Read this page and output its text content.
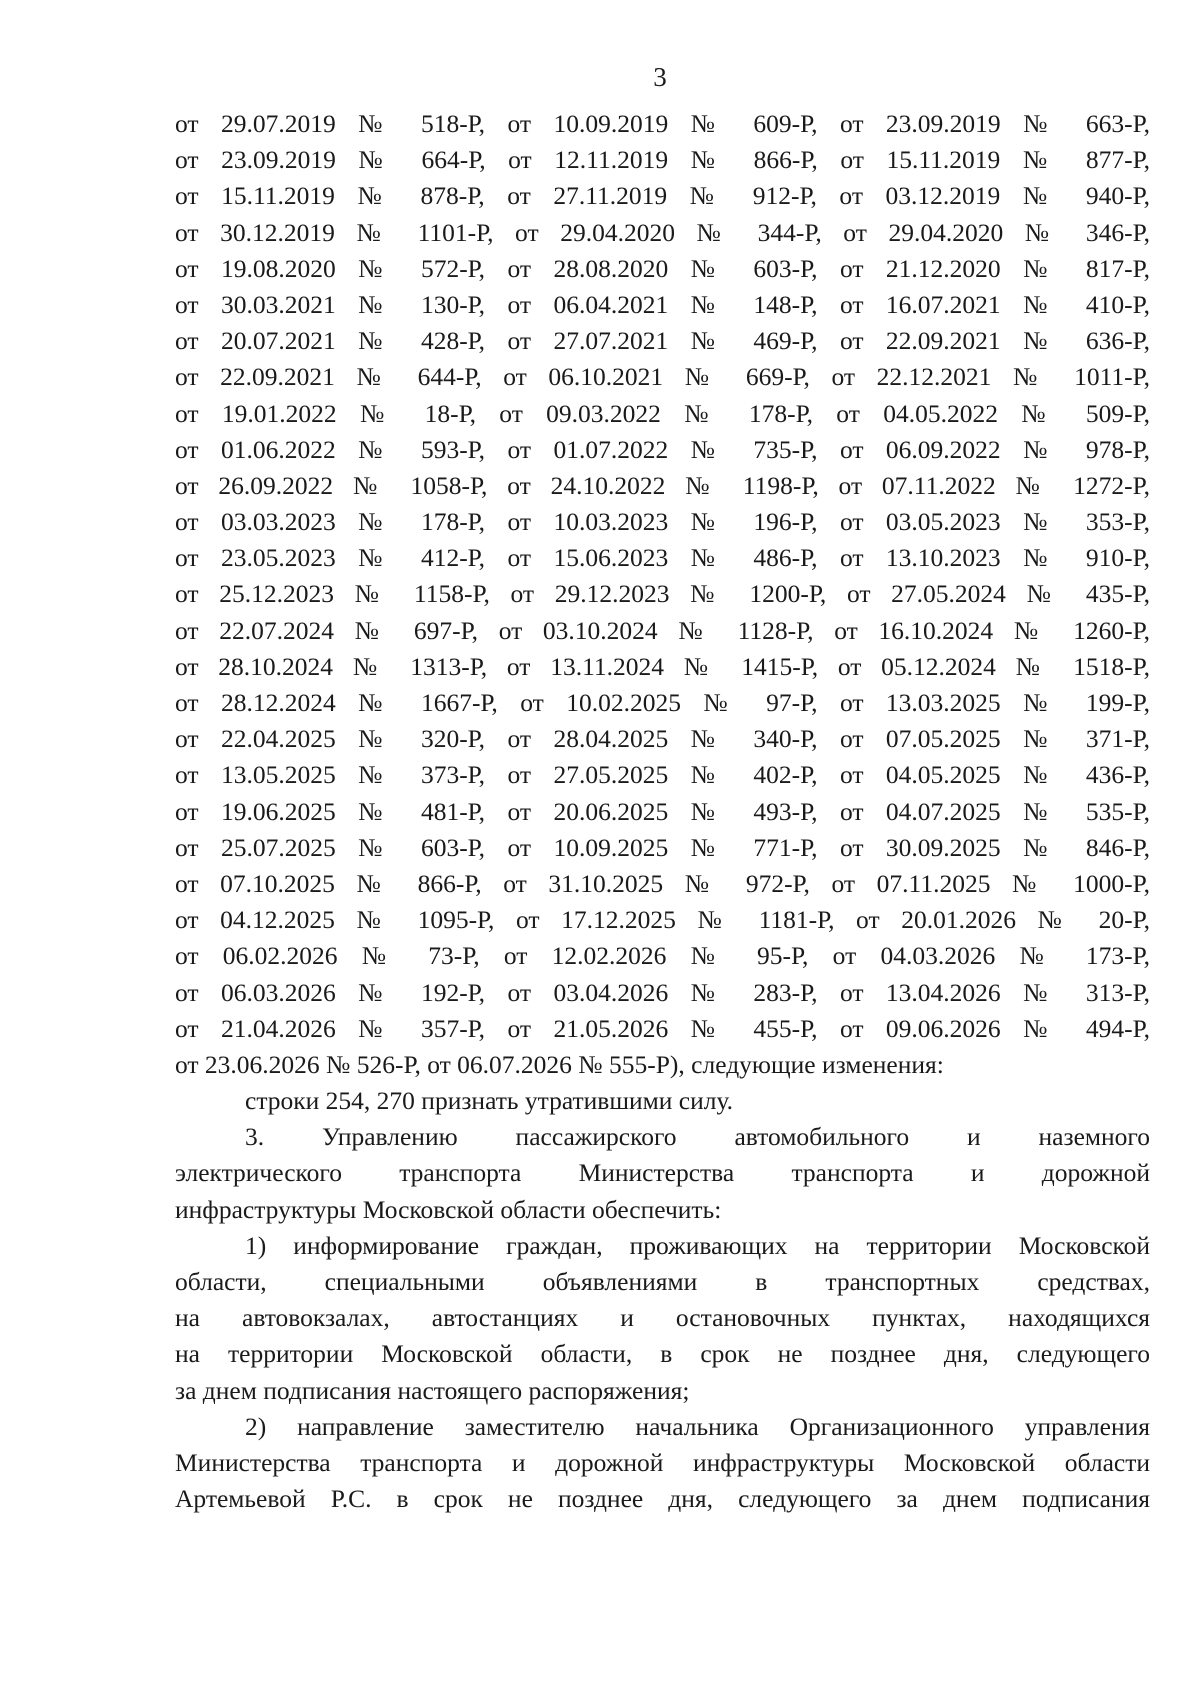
3
от 29.07.2019 № 518-Р, от 10.09.2019 № 609-Р, от 23.09.2019 № 663-Р,
от 23.09.2019 № 664-Р, от 12.11.2019 № 866-Р, от 15.11.2019 № 877-Р,
от 15.11.2019 № 878-Р, от 27.11.2019 № 912-Р, от 03.12.2019 № 940-Р,
от 30.12.2019 № 1101-Р, от 29.04.2020 № 344-Р, от 29.04.2020 № 346-Р,
от 19.08.2020 № 572-Р, от 28.08.2020 № 603-Р, от 21.12.2020 № 817-Р,
от 30.03.2021 № 130-Р, от 06.04.2021 № 148-Р, от 16.07.2021 № 410-Р,
от 20.07.2021 № 428-Р, от 27.07.2021 № 469-Р, от 22.09.2021 № 636-Р,
от 22.09.2021 № 644-Р, от 06.10.2021 № 669-Р, от 22.12.2021 № 1011-Р,
от 19.01.2022 № 18-Р, от 09.03.2022 № 178-Р, от 04.05.2022 № 509-Р,
от 01.06.2022 № 593-Р, от 01.07.2022 № 735-Р, от 06.09.2022 № 978-Р,
от 26.09.2022 № 1058-Р, от 24.10.2022 № 1198-Р, от 07.11.2022 № 1272-Р,
от 03.03.2023 № 178-Р, от 10.03.2023 № 196-Р, от 03.05.2023 № 353-Р,
от 23.05.2023 № 412-Р, от 15.06.2023 № 486-Р, от 13.10.2023 № 910-Р,
от 25.12.2023 № 1158-Р, от 29.12.2023 № 1200-Р, от 27.05.2024 № 435-Р,
от 22.07.2024 № 697-Р, от 03.10.2024 № 1128-Р, от 16.10.2024 № 1260-Р,
от 28.10.2024 № 1313-Р, от 13.11.2024 № 1415-Р, от 05.12.2024 № 1518-Р,
от 28.12.2024 № 1667-Р, от 10.02.2025 № 97-Р, от 13.03.2025 № 199-Р,
от 22.04.2025 № 320-Р, от 28.04.2025 № 340-Р, от 07.05.2025 № 371-Р,
от 13.05.2025 № 373-Р, от 27.05.2025 № 402-Р, от 04.05.2025 № 436-Р,
от 19.06.2025 № 481-Р, от 20.06.2025 № 493-Р, от 04.07.2025 № 535-Р,
от 25.07.2025 № 603-Р, от 10.09.2025 № 771-Р, от 30.09.2025 № 846-Р,
от 07.10.2025 № 866-Р, от 31.10.2025 № 972-Р, от 07.11.2025 № 1000-Р,
от 04.12.2025 № 1095-Р, от 17.12.2025 № 1181-Р, от 20.01.2026 № 20-Р,
от 06.02.2026 № 73-Р, от 12.02.2026 № 95-Р, от 04.03.2026 № 173-Р,
от 06.03.2026 № 192-Р, от 03.04.2026 № 283-Р, от 13.04.2026 № 313-Р,
от 21.04.2026 № 357-Р, от 21.05.2026 № 455-Р, от 09.06.2026 № 494-Р,
от 23.06.2026 № 526-Р, от 06.07.2026 № 555-Р), следующие изменения:
строки 254, 270 признать утратившими силу.
3. Управлению пассажирского автомобильного и наземного
электрического транспорта Министерства транспорта и дорожной
инфраструктуры Московской области обеспечить:
1) информирование граждан, проживающих на территории Московской
области, специальными объявлениями в транспортных средствах,
на автовокзалах, автостанциях и остановочных пунктах, находящихся
на территории Московской области, в срок не позднее дня, следующего
за днем подписания настоящего распоряжения;
2) направление заместителю начальника Организационного управления
Министерства транспорта и дорожной инфраструктуры Московской области
Артемьевой Р.С. в срок не позднее дня, следующего за днем подписания
